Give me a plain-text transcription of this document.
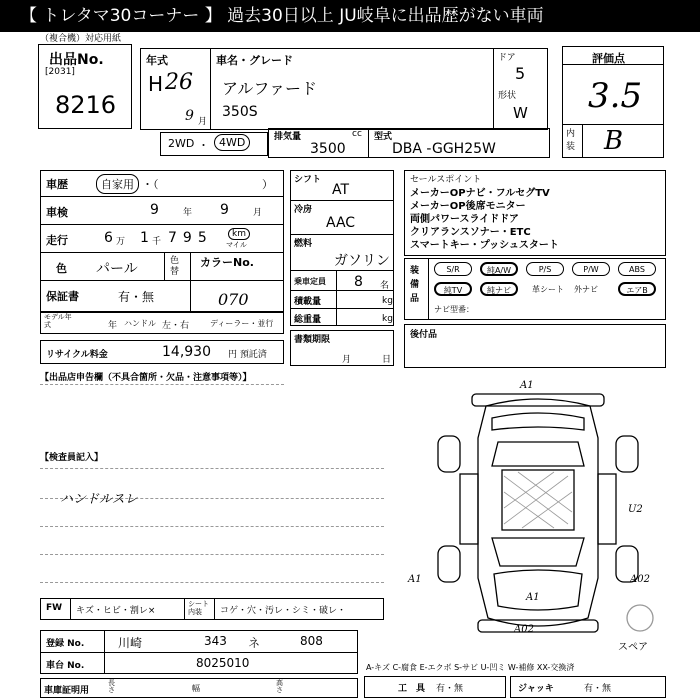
【 トレタマ30コーナー 】 過去30日以上 JU岐阜に出品歴がない車両
（複合機）対応用紙
出品No.
[2031]
8216
年式
H 26
9 月
車名・グレード
アルファード
350S
ドア
5
形状
W
評価点
3.5
内装 B
2WD ・ 4WD	排気量	cc
3500
型式
DBA -GGH25W
車歴	自家用 ・（	）
車検	9	年 9	月
走行	6 万 1 千 795	km
マイル
色 パール	色替
カラーNo.
070
保証書	有・無
モデル年式	年 ハンドル 左・右	ディーラー・並行
リサイクル料金	14,930 円 預託済
シフト
AT
冷房
AAC
燃料
ガソリン
乗車定員 8 名
積載量	kg
総重量	kg
書類期限
月	日
セールスポイント
メーカーOPナビ・フルセグTV
メーカーOP後席モニター
両側パワースライドドア
クリアランスソナー・ETC
スマートキー・プッシュスタート
装備品
S/R	純A/W	P/S	P/W	ABS
純TV	純ナビ	革シート 外ナビ	エアB
ナビ型番：
後付品
【出品店申告欄（不具合箇所・欠品・注意事項等）】
【検査員記入】
ハンドルスレ
A1
U2
A1
A1
A02
A02
スペア
FW キズ・ヒビ・割レ×
シート内装	コゲ・穴・汚レ・シミ・破レ・
登録 No.	川崎	343 ネ	808
車台 No.	8025010
車庫証明用
長さ	幅
高さ
A-キズ C-腐食 E-エクボ S-サビ U-凹ミ W-補修 XX-交換済
工　具 有・無	ジャッキ	有・無
